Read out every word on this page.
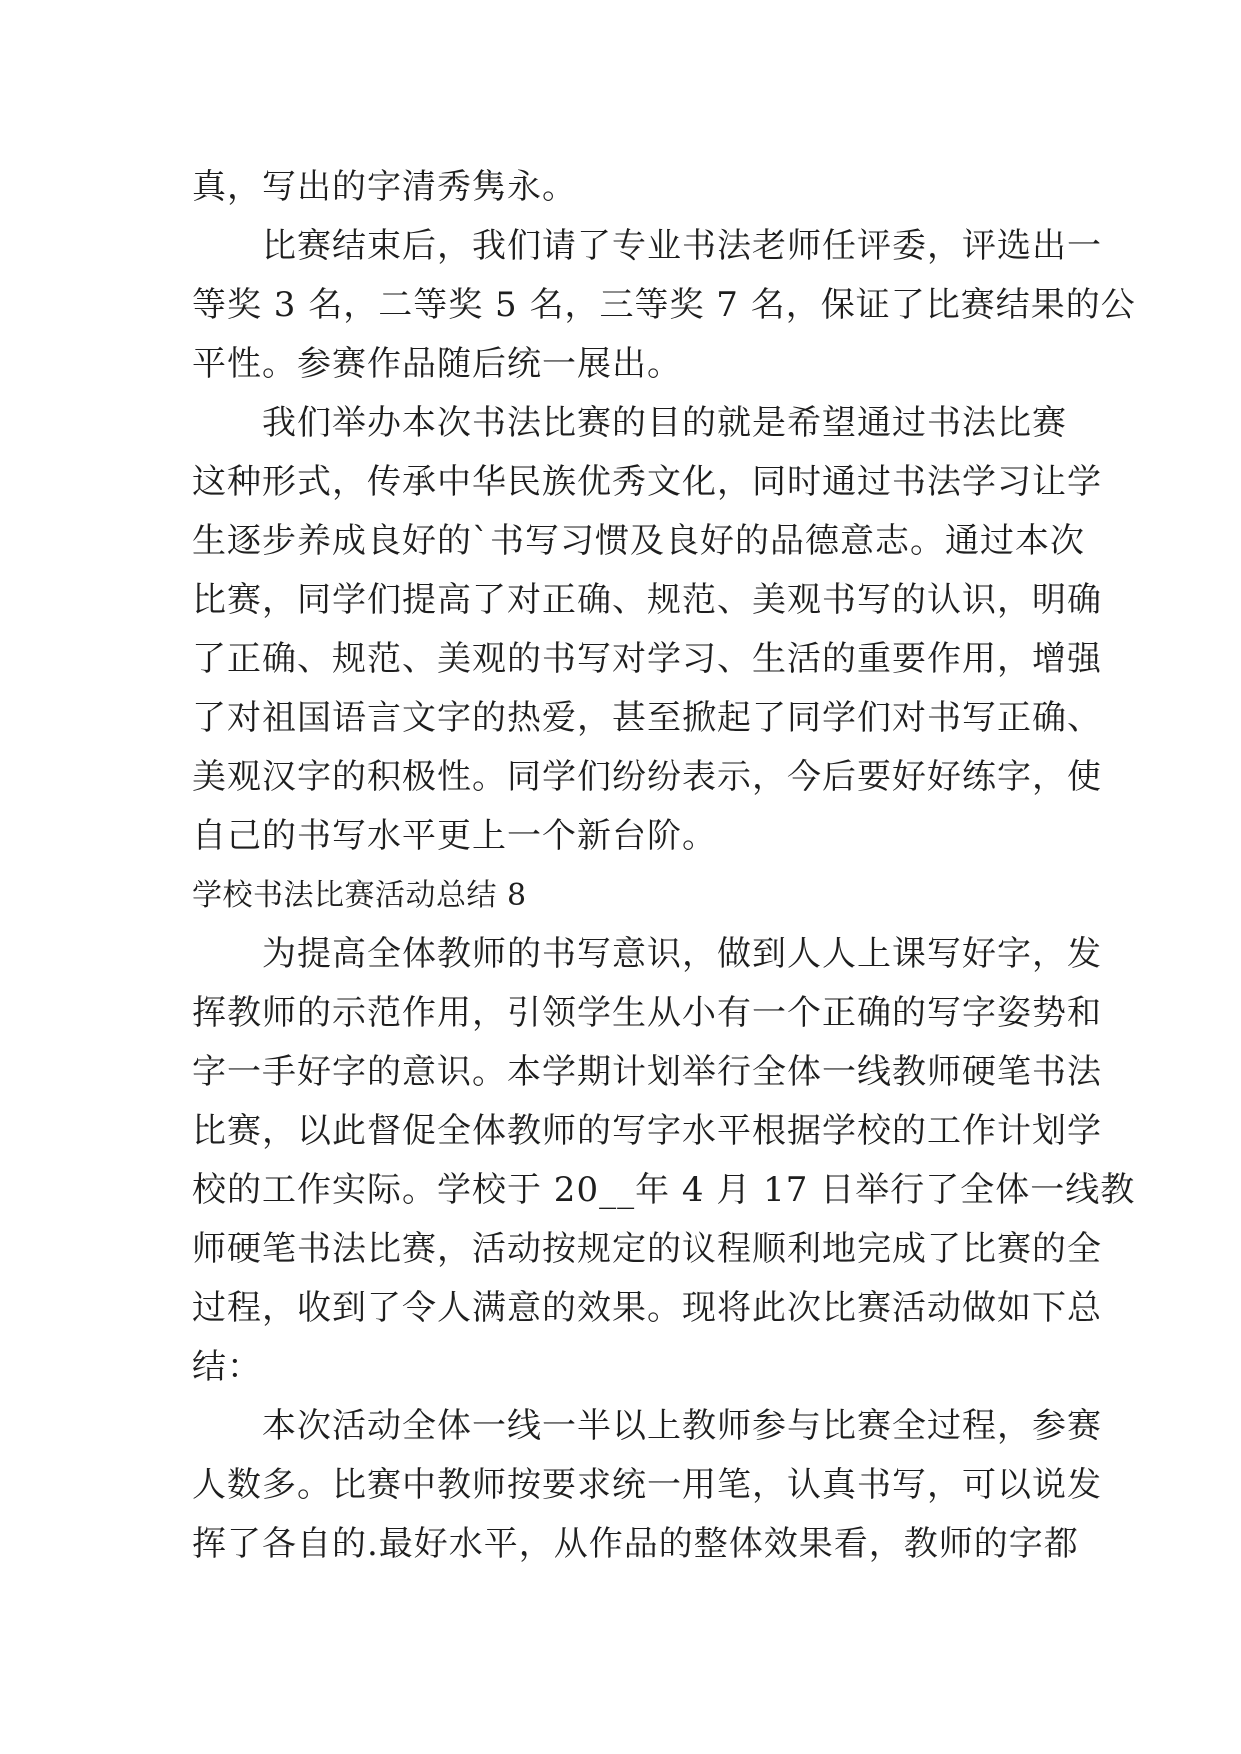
真，写出的字清秀隽永。
　　比赛结束后，我们请了专业书法老师任评委，评选出一
等奖 3 名，二等奖 5 名，三等奖 7 名，保证了比赛结果的公
平性。参赛作品随后统一展出。
　　我们举办本次书法比赛的目的就是希望通过书法比赛
这种形式，传承中华民族优秀文化，同时通过书法学习让学
生逐步养成良好的`书写习惯及良好的品德意志。通过本次
比赛，同学们提高了对正确、规范、美观书写的认识，明确
了正确、规范、美观的书写对学习、生活的重要作用，增强
了对祖国语言文字的热爱，甚至掀起了同学们对书写正确、
美观汉字的积极性。同学们纷纷表示，今后要好好练字，使
自己的书写水平更上一个新台阶。
学校书法比赛活动总结 8
　　为提高全体教师的书写意识，做到人人上课写好字，发
挥教师的示范作用，引领学生从小有一个正确的写字姿势和
字一手好字的意识。本学期计划举行全体一线教师硬笔书法
比赛，以此督促全体教师的写字水平根据学校的工作计划学
校的工作实际。学校于 20__年 4 月 17 日举行了全体一线教
师硬笔书法比赛，活动按规定的议程顺利地完成了比赛的全
过程，收到了令人满意的效果。现将此次比赛活动做如下总
结：
　　本次活动全体一线一半以上教师参与比赛全过程，参赛
人数多。比赛中教师按要求统一用笔，认真书写，可以说发
挥了各自的.最好水平，从作品的整体效果看，教师的字都
